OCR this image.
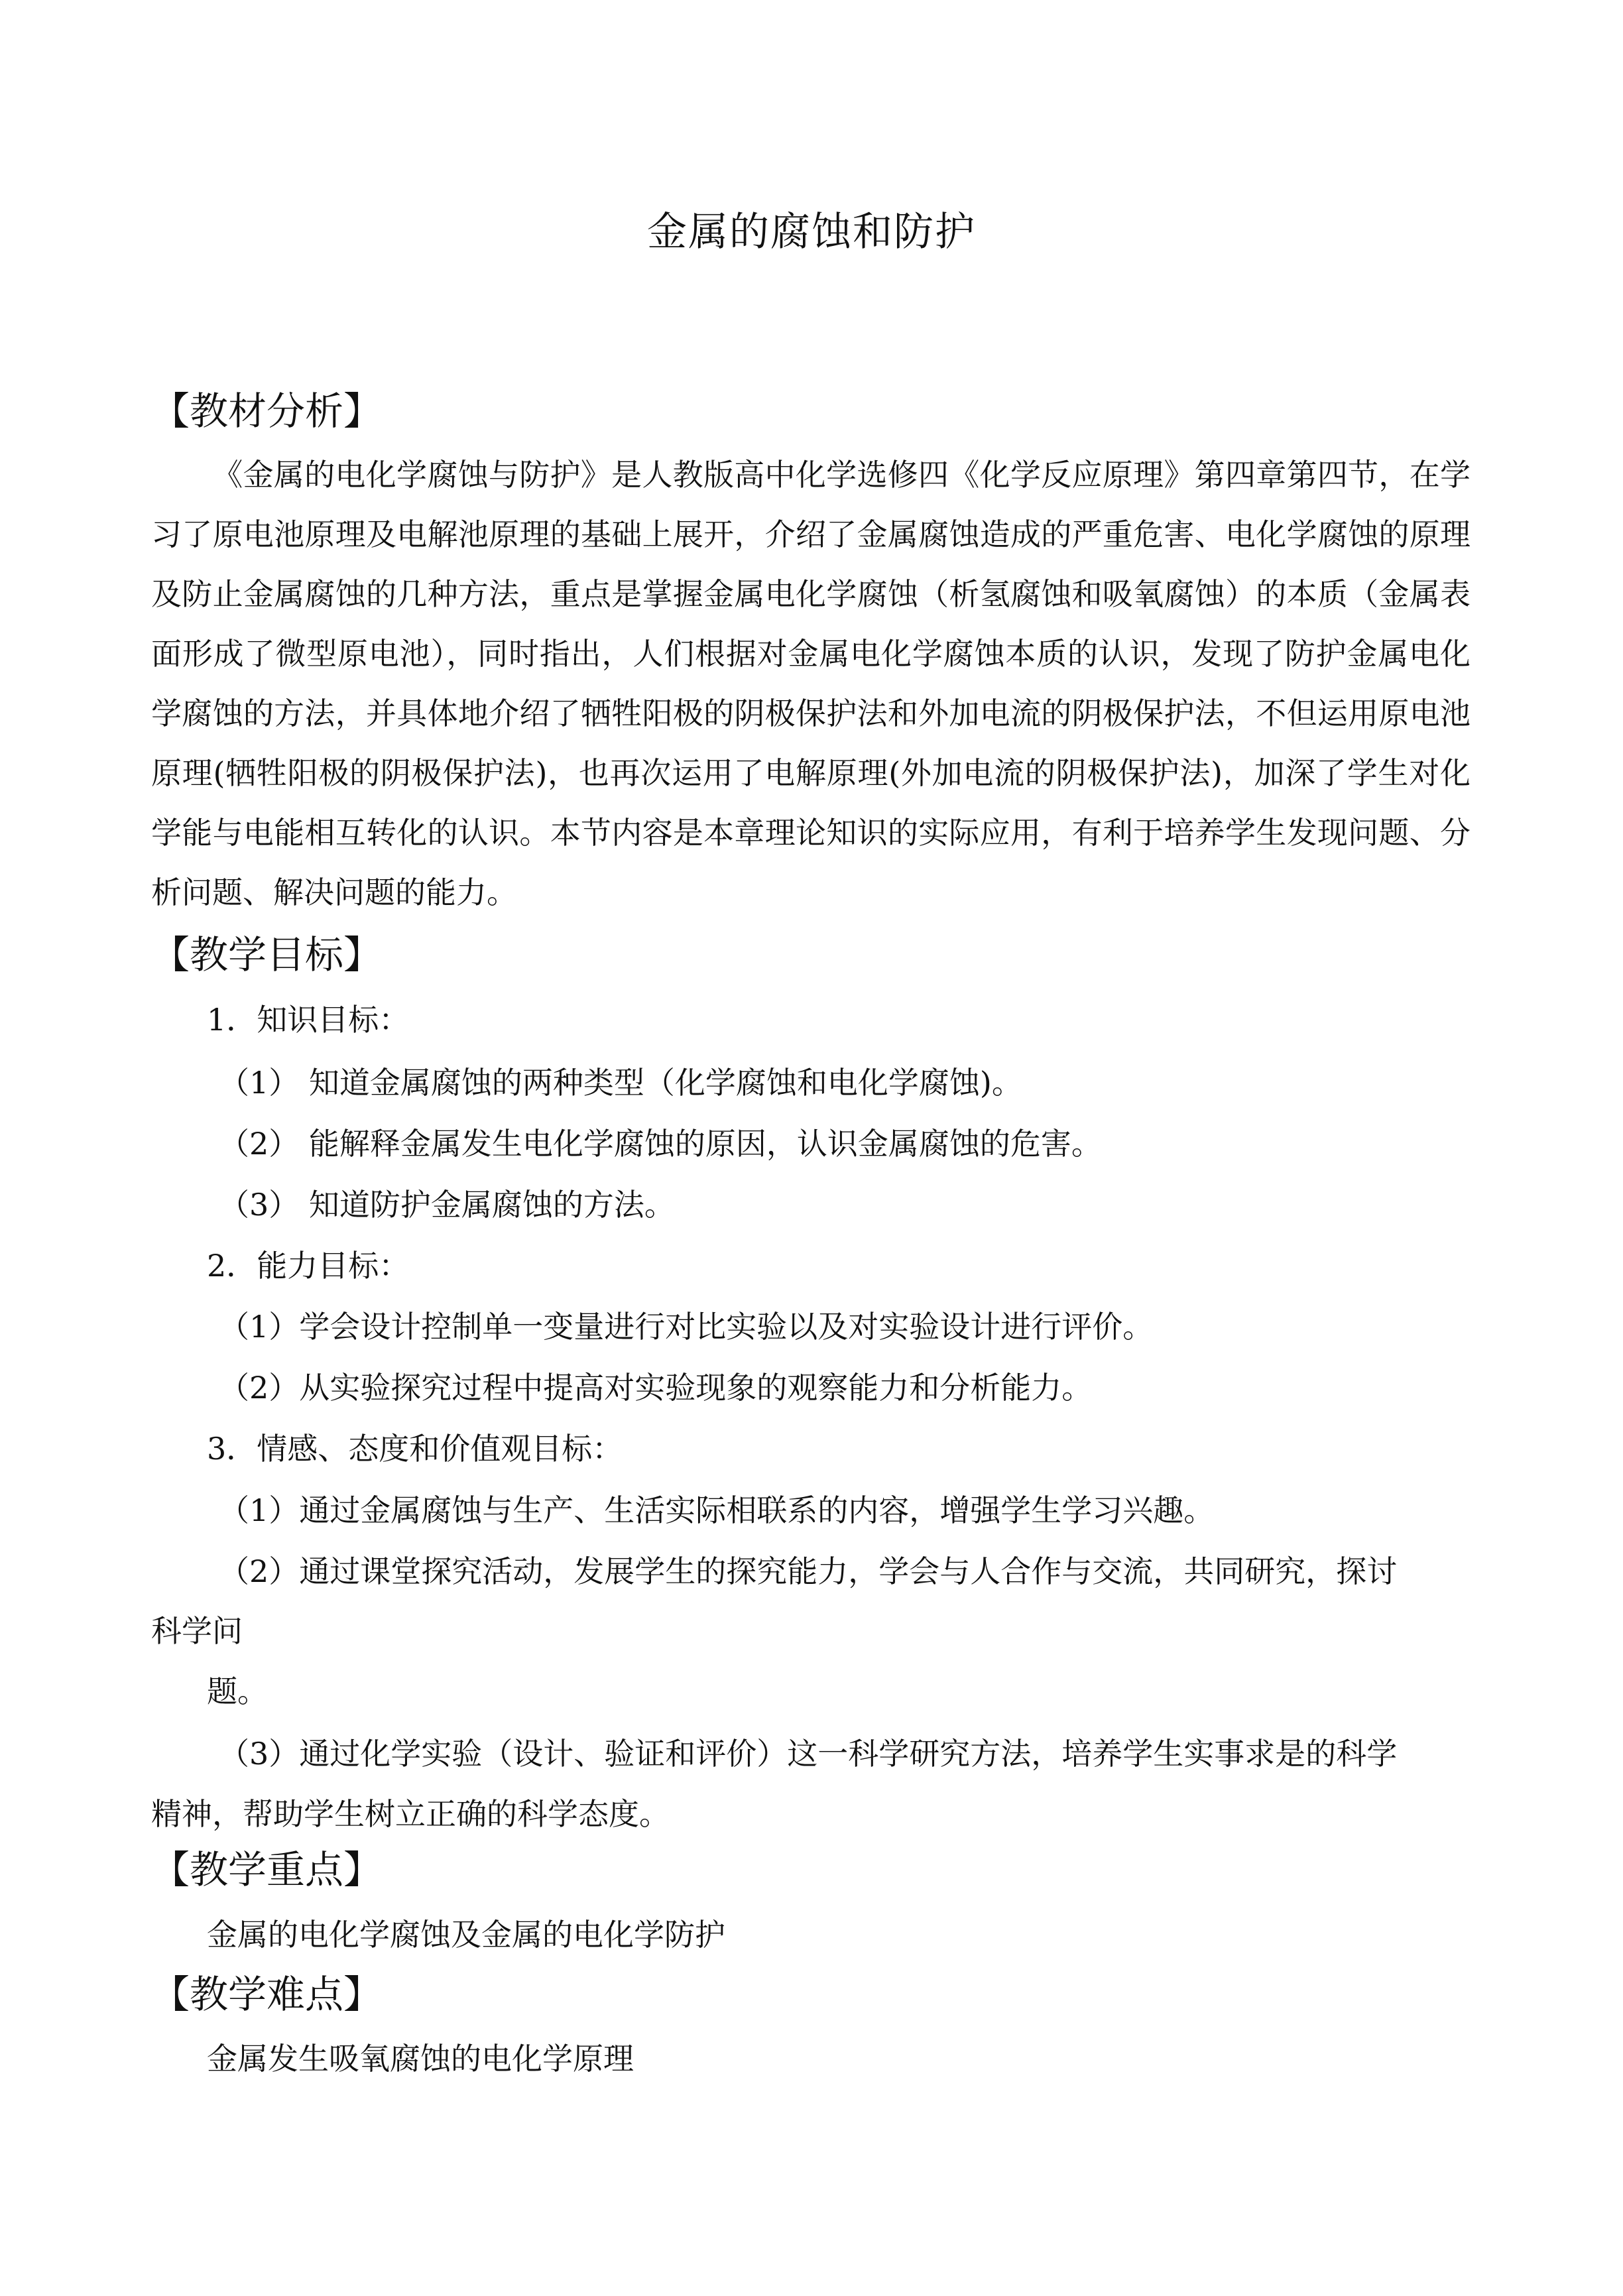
金属的腐蚀和防护
【教材分析】
《金属的电化学腐蚀与防护》是人教版高中化学选修四《化学反应原理》第四章第四节，在学习了原电池原理及电解池原理的基础上展开，介绍了金属腐蚀造成的严重危害、电化学腐蚀的原理及防止金属腐蚀的几种方法，重点是掌握金属电化学腐蚀（析氢腐蚀和吸氧腐蚀）的本质（金属表面形成了微型原电池），同时指出，人们根据对金属电化学腐蚀本质的认识，发现了防护金属电化学腐蚀的方法，并具体地介绍了牺牲阳极的阴极保护法和外加电流的阴极保护法，不但运用原电池原理(牺牲阳极的阴极保护法)，也再次运用了电解原理(外加电流的阴极保护法)，加深了学生对化学能与电能相互转化的认识。本节内容是本章理论知识的实际应用，有利于培养学生发现问题、分析问题、解决问题的能力。
【教学目标】
1．知识目标：
（1） 知道金属腐蚀的两种类型（化学腐蚀和电化学腐蚀)。
（2） 能解释金属发生电化学腐蚀的原因，认识金属腐蚀的危害。
（3） 知道防护金属腐蚀的方法。
2．能力目标：
（1）学会设计控制单一变量进行对比实验以及对实验设计进行评价。
（2）从实验探究过程中提高对实验现象的观察能力和分析能力。
3．情感、态度和价值观目标：
（1）通过金属腐蚀与生产、生活实际相联系的内容，增强学生学习兴趣。
（2）通过课堂探究活动，发展学生的探究能力，学会与人合作与交流，共同研究，探讨
科学问
题。
（3）通过化学实验（设计、验证和评价）这一科学研究方法，培养学生实事求是的科学
精神，帮助学生树立正确的科学态度。
【教学重点】
金属的电化学腐蚀及金属的电化学防护
【教学难点】
金属发生吸氧腐蚀的电化学原理
